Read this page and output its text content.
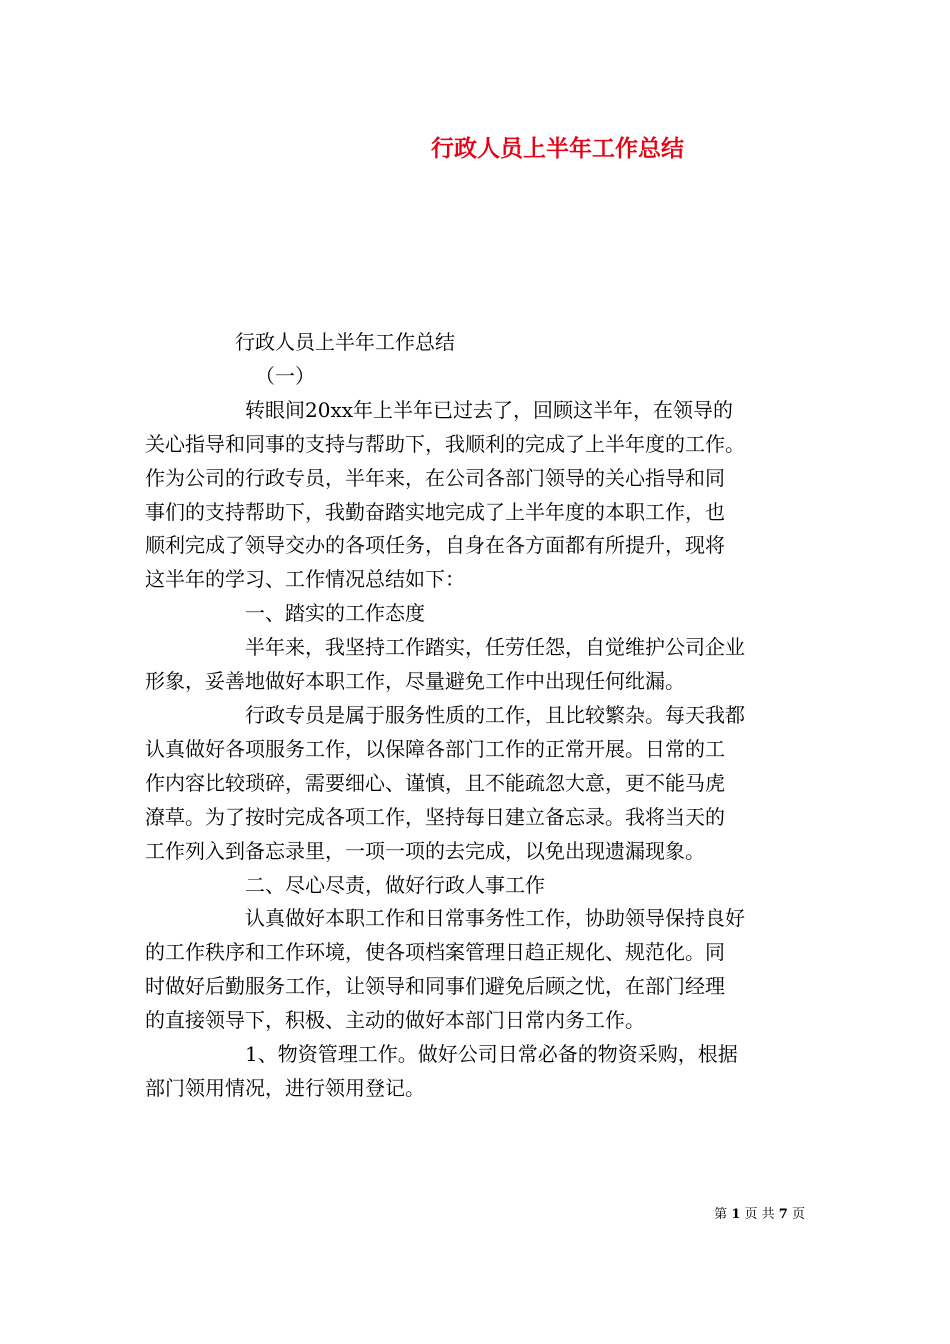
行政人员上半年工作总结

行政人员上半年工作总结

（一）

转眼间20xx年上半年已过去了，回顾这半年，在领导的

关心指导和同事的支持与帮助下，我顺利的完成了上半年度的工作。

作为公司的行政专员，半年来，在公司各部门领导的关心指导和同

事们的支持帮助下，我勤奋踏实地完成了上半年度的本职工作，也

顺利完成了领导交办的各项任务，自身在各方面都有所提升，现将

这半年的学习、工作情况总结如下：

一、踏实的工作态度

半年来，我坚持工作踏实，任劳任怨，自觉维护公司企业

形象，妥善地做好本职工作，尽量避免工作中出现任何纰漏。

行政专员是属于服务性质的工作，且比较繁杂。每天我都

认真做好各项服务工作，以保障各部门工作的正常开展。日常的工

作内容比较琐碎，需要细心、谨慎，且不能疏忽大意，更不能马虎

潦草。为了按时完成各项工作，坚持每日建立备忘录。我将当天的

工作列入到备忘录里，一项一项的去完成，以免出现遗漏现象。

二、尽心尽责，做好行政人事工作

认真做好本职工作和日常事务性工作，协助领导保持良好

的工作秩序和工作环境，使各项档案管理日趋正规化、规范化。同

时做好后勤服务工作，让领导和同事们避免后顾之忧，在部门经理

的直接领导下，积极、主动的做好本部门日常内务工作。

1、物资管理工作。做好公司日常必备的物资采购，根据

部门领用情况，进行领用登记。

第 1 页 共 7 页
